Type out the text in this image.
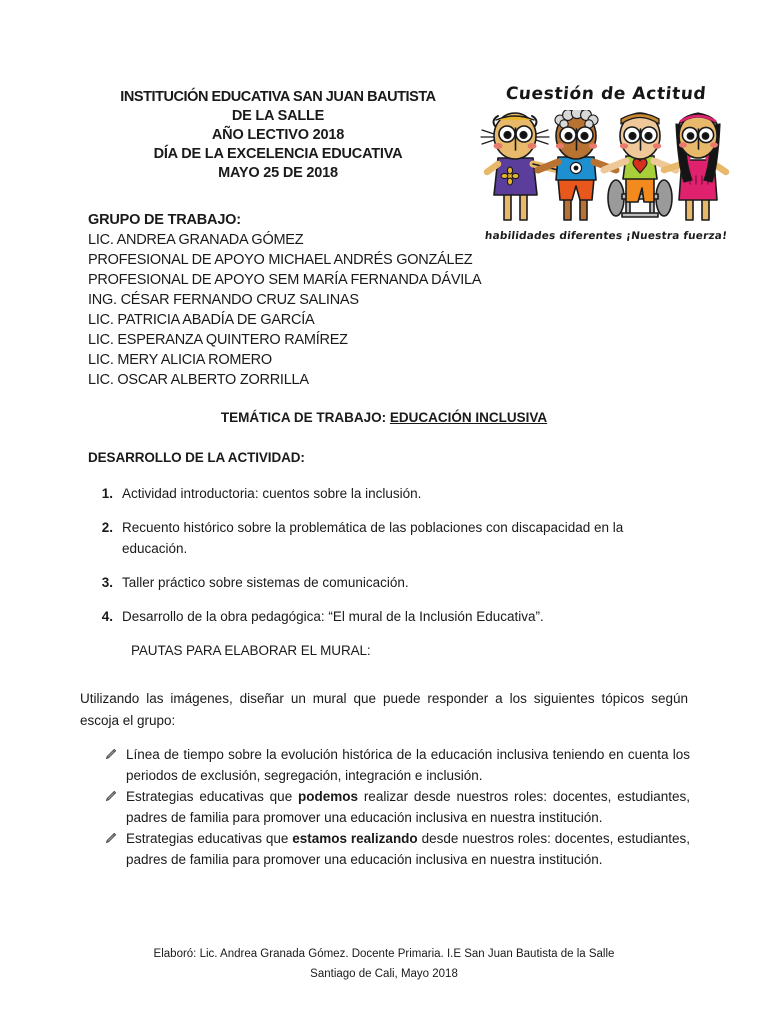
INSTITUCIÓN EDUCATIVA SAN JUAN BAUTISTA
DE LA SALLE
AÑO LECTIVO 2018
DÍA DE LA EXCELENCIA EDUCATIVA
MAYO 25 DE 2018
Cuestión de Actitud
habilidades diferentes ¡Nuestra fuerza!
GRUPO DE TRABAJO:
LIC. ANDREA GRANADA GÓMEZ
PROFESIONAL DE APOYO MICHAEL ANDRÉS GONZÁLEZ
PROFESIONAL DE APOYO SEM MARÍA FERNANDA DÁVILA
ING. CÉSAR FERNANDO CRUZ SALINAS
LIC. PATRICIA ABADÍA DE GARCÍA
LIC. ESPERANZA QUINTERO RAMÍREZ
LIC. MERY ALICIA ROMERO
LIC. OSCAR ALBERTO ZORRILLA
TEMÁTICA DE TRABAJO: EDUCACIÓN INCLUSIVA
DESARROLLO DE LA ACTIVIDAD:
1. Actividad introductoria: cuentos sobre la inclusión.
2. Recuento histórico sobre la problemática de las poblaciones con discapacidad en la educación.
3. Taller práctico sobre sistemas de comunicación.
4. Desarrollo de la obra pedagógica: “El mural de la Inclusión Educativa”.
PAUTAS PARA ELABORAR EL MURAL:
Utilizando las imágenes, diseñar un mural que puede responder a los siguientes tópicos según escoja el grupo:
Línea de tiempo sobre la evolución histórica de la educación inclusiva teniendo en cuenta los periodos de exclusión, segregación, integración e inclusión.
Estrategias educativas que podemos realizar desde nuestros roles: docentes, estudiantes, padres de familia para promover una educación inclusiva en nuestra institución.
Estrategias educativas que estamos realizando desde nuestros roles: docentes, estudiantes, padres de familia para promover una educación inclusiva en nuestra institución.
Elaboró: Lic. Andrea Granada Gómez. Docente Primaria. I.E San Juan Bautista de la Salle
Santiago de Cali, Mayo 2018
